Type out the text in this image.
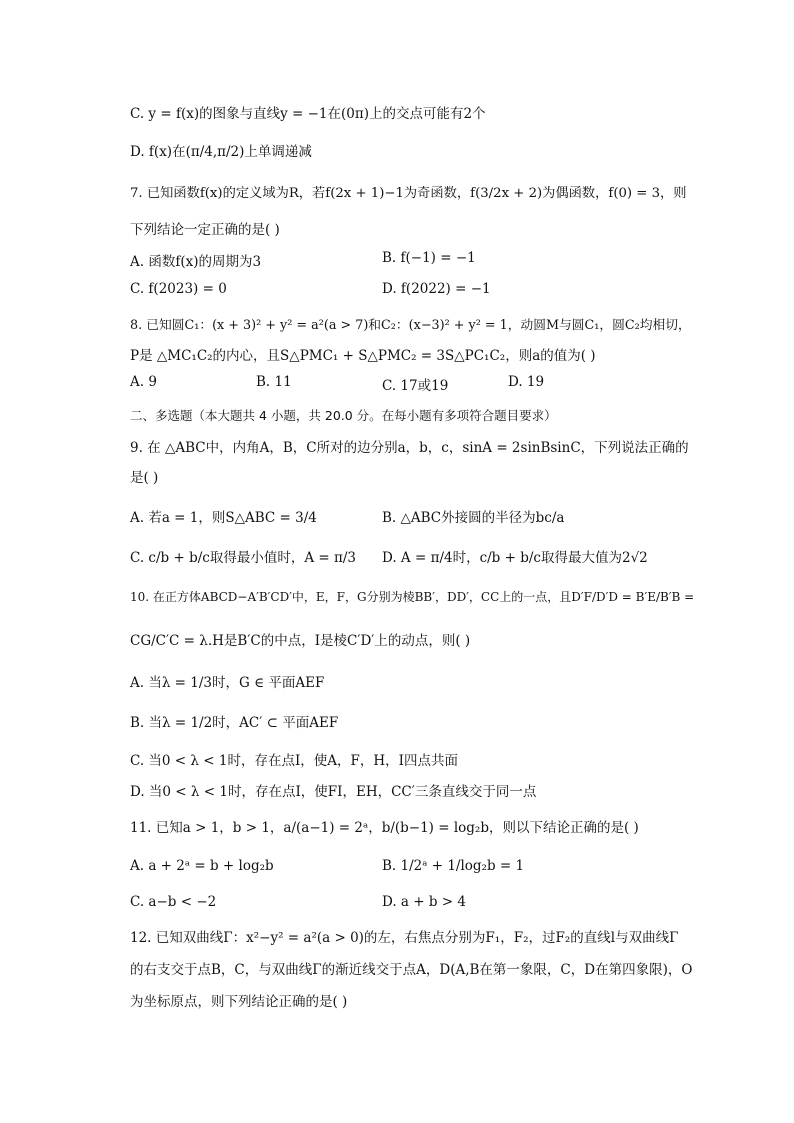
C. y = f(x)的图象与直线y = −1在(0π)上的交点可能有2个
D. f(x)在(π/4,π/2)上单调递减
7. 已知函数f(x)的定义域为R，若f(2x + 1)−1为奇函数，f(3/2x + 2)为偶函数，f(0) = 3，则
下列结论一定正确的是( )
A. 函数f(x)的周期为3	B. f(−1) = −1
C. f(2023) = 0	D. f(2022) = −1
8. 已知圆C₁：(x + 3)² + y² = a²(a > 7)和C₂：(x−3)² + y² = 1，动圆M与圆C₁，圆C₂均相切，
P是 △MC₁C₂的内心，且S△PMC₁ + S△PMC₂ = 3S△PC₁C₂，则a的值为( )
A. 9	B. 11	C. 17或19	D. 19
二、多选题（本大题共 4 小题，共 20.0 分。在每小题有多项符合题目要求）
9. 在 △ABC中，内角A，B，C所对的边分别a，b，c，sinA = 2sinBsinC，下列说法正确的
是( )
A. 若a = 1，则S△ABC = 3/4	B. △ABC外接圆的半径为bc/a
C. c/b + b/c取得最小值时，A = π/3 D. A = π/4时，c/b + b/c取得最大值为2√2
10. 在正方体ABCD−A′B′CD′中，E，F，G分别为棱BB′，DD′，CC上的一点，且D′F/D′D = B′E/B′B =
CG/C′C = λ.H是B′C的中点，I是棱C′D′上的动点，则( )
A. 当λ = 1/3时，G ∈ 平面AEF
B. 当λ = 1/2时，AC′ ⊂ 平面AEF
C. 当0 < λ < 1时，存在点I，使A，F，H，I四点共面
D. 当0 < λ < 1时，存在点I，使FI，EH，CC′三条直线交于同一点
11. 已知a > 1，b > 1，a/(a−1) = 2ᵃ，b/(b−1) = log₂b，则以下结论正确的是( )
A. a + 2ᵃ = b + log₂b	B. 1/2ᵃ + 1/log₂b = 1
C. a−b < −2	D. a + b > 4
12. 已知双曲线Γ：x²−y² = a²(a > 0)的左，右焦点分别为F₁，F₂，过F₂的直线l与双曲线Γ
的右支交于点B，C，与双曲线Γ的渐近线交于点A，D(A,B在第一象限，C，D在第四象限)，O
为坐标原点，则下列结论正确的是( )
